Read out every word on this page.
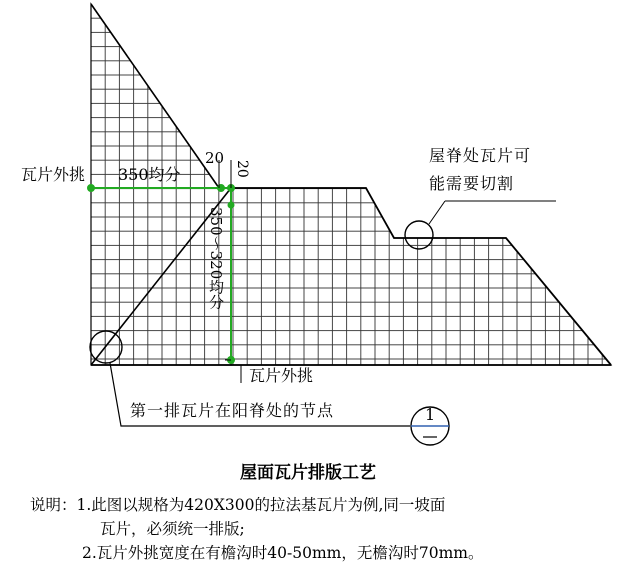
瓦片外挑 350均分
20
20
350～320均分
瓦片外挑
屋脊处瓦片可
能需要切割
第一排瓦片在阳脊处的节点	1
屋面瓦片排版工艺
说明：1.此图以规格为420X300的拉法基瓦片为例,同一坡面
瓦片，必须统一排版;
2.瓦片外挑宽度在有檐沟时40-50mm，无檐沟时70mm。
